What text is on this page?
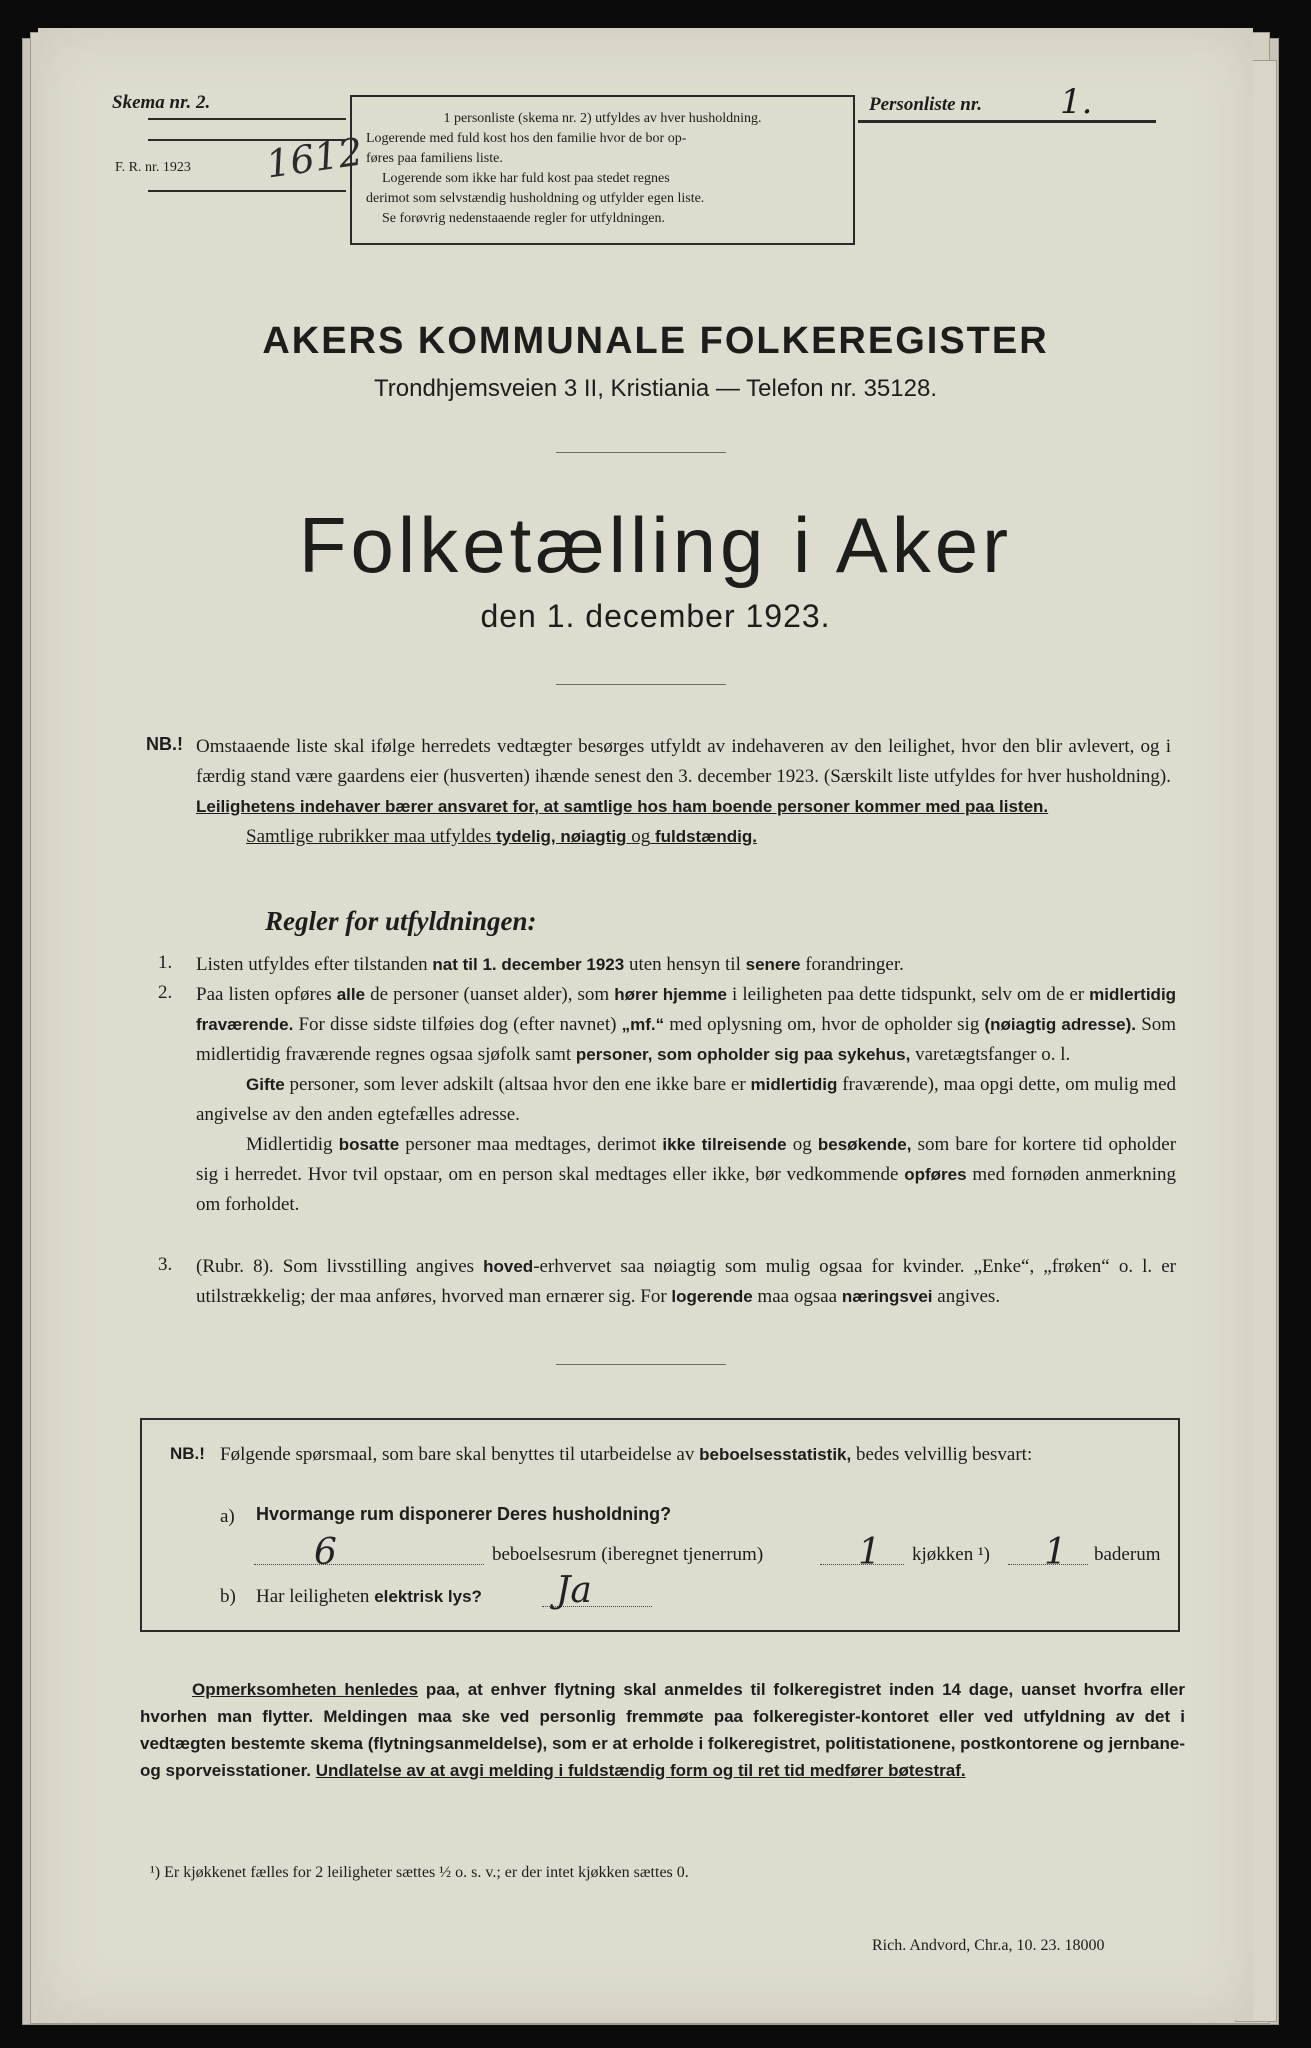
Skema nr. 2.
F. R. nr. 1923 1612
1 personliste (skema nr. 2) utfyldes av hver husholdning.
Logerende med fuld kost hos den familie hvor de bor op-
føres paa familiens liste.
Logerende som ikke har fuld kost paa stedet regnes
derimot som selvstændig husholdning og utfylder egen liste.
Se forøvrig nedenstaaende regler for utfyldningen.
Personliste nr. 1.
AKERS KOMMUNALE FOLKEREGISTER
Trondhjemsveien 3 II, Kristiania — Telefon nr. 35128.
Folketælling i Aker
den 1. december 1923.
NB.! Omstaaende liste skal ifølge herredets vedtægter besørges utfyldt av indehaveren av den leilighet, hvor den blir avlevert, og i færdig stand være gaardens eier (husverten) ihænde senest den 3. december 1923. (Særskilt liste utfyldes for hver husholdning). Leilighetens indehaver bærer ansvaret for, at samtlige hos ham boende personer kommer med paa listen.
Samtlige rubrikker maa utfyldes tydelig, nøiagtig og fuldstændig.
Regler for utfyldningen:
1. Listen utfyldes efter tilstanden nat til 1. december 1923 uten hensyn til senere forandringer.
2. Paa listen opføres alle de personer (uanset alder), som hører hjemme i leiligheten paa dette tidspunkt, selv om de er midlertidig fraværende. For disse sidste tilføies dog (efter navnet) „mf.“ med oplysning om, hvor de opholder sig (nøiagtig adresse). Som midlertidig fraværende regnes ogsaa sjøfolk samt personer, som opholder sig paa sykehus, varetægtsfanger o. l.
Gifte personer, som lever adskilt (altsaa hvor den ene ikke bare er midlertidig fraværende), maa opgi dette, om mulig med angivelse av den anden egtefælles adresse.
Midlertidig bosatte personer maa medtages, derimot ikke tilreisende og besøkende, som bare for kortere tid opholder sig i herredet. Hvor tvil opstaar, om en person skal medtages eller ikke, bør vedkommende opføres med fornøden anmerkning om forholdet.
3. (Rubr. 8). Som livsstilling angives hoved-erhvervet saa nøiagtig som mulig ogsaa for kvinder. „Enke“, „frøken“ o. l. er utilstrækkelig; der maa anføres, hvorved man ernærer sig. For logerende maa ogsaa næringsvei angives.
NB.! Følgende spørsmaal, som bare skal benyttes til utarbeidelse av beboelsesstatistik, bedes velvillig besvart:
a) Hvormange rum disponerer Deres husholdning?
6	beboelsesrum (iberegnet tjenerrum)	1 kjøkken ¹) 1 baderum
b) Har leiligheten elektrisk lys? Ja
Opmerksomheten henledes paa, at enhver flytning skal anmeldes til folkeregistret inden 14 dage, uanset hvorfra eller hvorhen man flytter. Meldingen maa ske ved personlig fremmøte paa folkeregister-kontoret eller ved utfyldning av det i vedtægten bestemte skema (flytningsanmeldelse), som er at erholde i folkeregistret, politistationene, postkontorene og jernbane- og sporveisstationer. Undlatelse av at avgi melding i fuldstændig form og til ret tid medfører bøtestraf.
¹) Er kjøkkenet fælles for 2 leiligheter sættes ½ o. s. v.; er der intet kjøkken sættes 0.
Rich. Andvord, Chr.a, 10. 23. 18000
